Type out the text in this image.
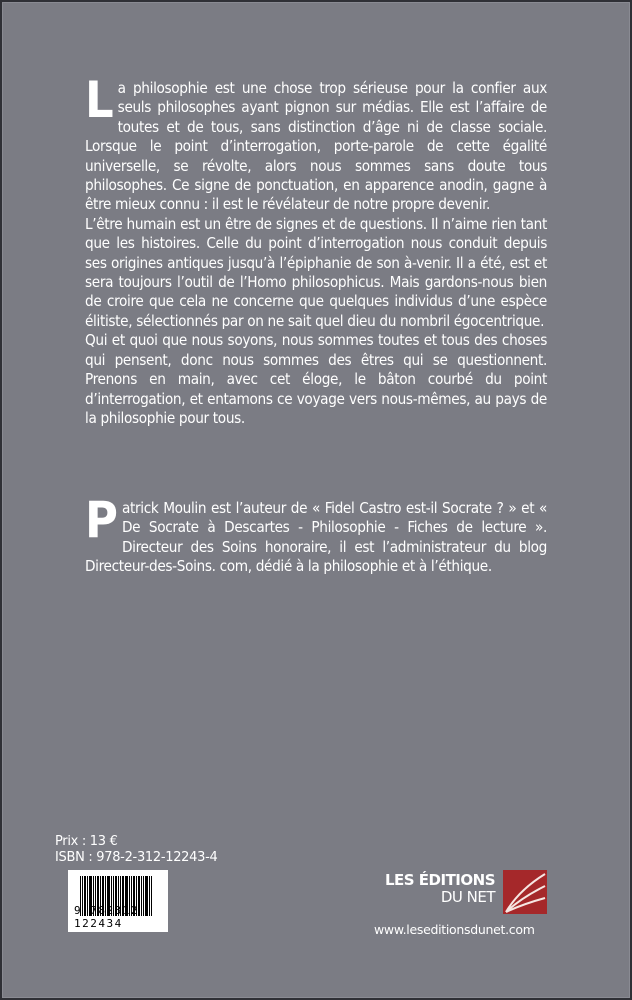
La philosophie est une chose trop sérieuse pour la confier aux seuls philosophes ayant pignon sur médias. Elle est l’affaire de toutes et de tous, sans distinction d’âge ni de classe sociale. Lorsque le point d’interrogation, porte-parole de cette égalité universelle, se révolte, alors nous sommes sans doute tous philosophes. Ce signe de ponctuation, en apparence anodin, gagne à être mieux connu : il est le révélateur de notre propre devenir.

L’être humain est un être de signes et de questions. Il n’aime rien tant que les histoires. Celle du point d’interrogation nous conduit depuis ses origines antiques jusqu’à l’épiphanie de son à-venir. Il a été, est et sera toujours l’outil de l’Homo philosophicus. Mais gardons-nous bien de croire que cela ne concerne que quelques individus d’une espèce élitiste, sélectionnés par on ne sait quel dieu du nombril égocentrique.

Qui et quoi que nous soyons, nous sommes toutes et tous des choses qui pensent, donc nous sommes des êtres qui se questionnent. Prenons en main, avec cet éloge, le bâton courbé du point d’interrogation, et entamons ce voyage vers nous-mêmes, au pays de la philosophie pour tous.

Patrick Moulin est l’auteur de « Fidel Castro est-il Socrate ? » et « De Socrate à Descartes - Philosophie - Fiches de lecture ». Directeur des Soins honoraire, il est l’administrateur du blog Directeur-des-Soins. com, dédié à la philosophie et à l’éthique.

Prix : 13 €
ISBN : 978-2-312-12243-4
9 782312 122434
LES ÉDITIONS
DU NET
www.leseditionsdunet.com
